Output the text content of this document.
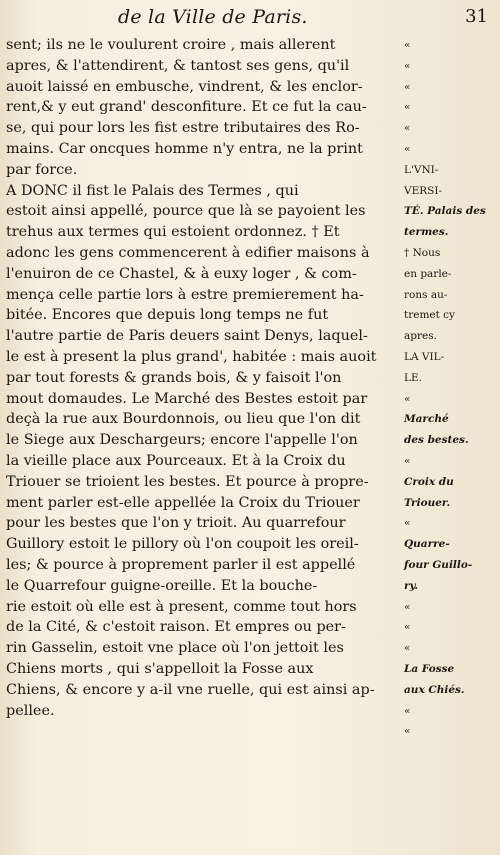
de la Ville de Paris.	31
sent; ils ne le voulurent croire , mais allerent
apres, & l'attendirent, & tantost ses gens, qu'il
auoit laissé en embusche, vindrent, & les enclor-
rent,& y eut grand' desconfiture. Et ce fut la cau-
se, qui pour lors les fist estre tributaires des Ro-
mains. Car oncques homme n'y entra, ne la print
par force.
A DONC il fist le Palais des Termes , qui
estoit ainsi appellé, pource que là se payoient les
trehus aux termes qui estoient ordonnez. † Et
adonc les gens commencerent à edifier maisons à
l'enuiron de ce Chastel, & à euxy loger , & com-
mença celle partie lors à estre premierement ha-
bitée. Encores que depuis long temps ne fut
l'autre partie de Paris deuers saint Denys, laquel-
le est à present la plus grand', habitée : mais auoit
par tout forests & grands bois, & y faisoit l'on
mout domaudes. Le Marché des Bestes estoit par
deçà la rue aux Bourdonnois, ou lieu que l'on dit
le Siege aux Deschargeurs; encore l'appelle l'on
la vieille place aux Pourceaux. Et à la Croix du
Triouer se trioient les bestes. Et pource à propre-
ment parler est-elle appellée la Croix du Triouer
pour les bestes que l'on y trioit. Au quarrefour
Guillory estoit le pillory où l'on coupoit les oreil-
les; & pource à proprement parler il est appellé
le Quarrefour guigne-oreille. Et la bouche-
rie estoit où elle est à present, comme tout hors
de la Cité, & c'estoit raison. Et empres ou per-
rin Gasselin, estoit vne place où l'on jettoit les
Chiens morts , qui s'appelloit la Fosse aux
Chiens, & encore y a-il vne ruelle, qui est ainsi ap-
pellee.
«
«
«
«
«
«
L'VNI-
VERSI-
TÉ. Palais des
termes.
† Nous
en parle-
rons au-
tremet cy
apres.
LA VIL-
LE.
«
Marché
des bestes.
«
Croix du
Triouer.
«
Quarre-
four Guillo-
ry.
«
«
«
La Fosse
aux Chiés.
«
«
